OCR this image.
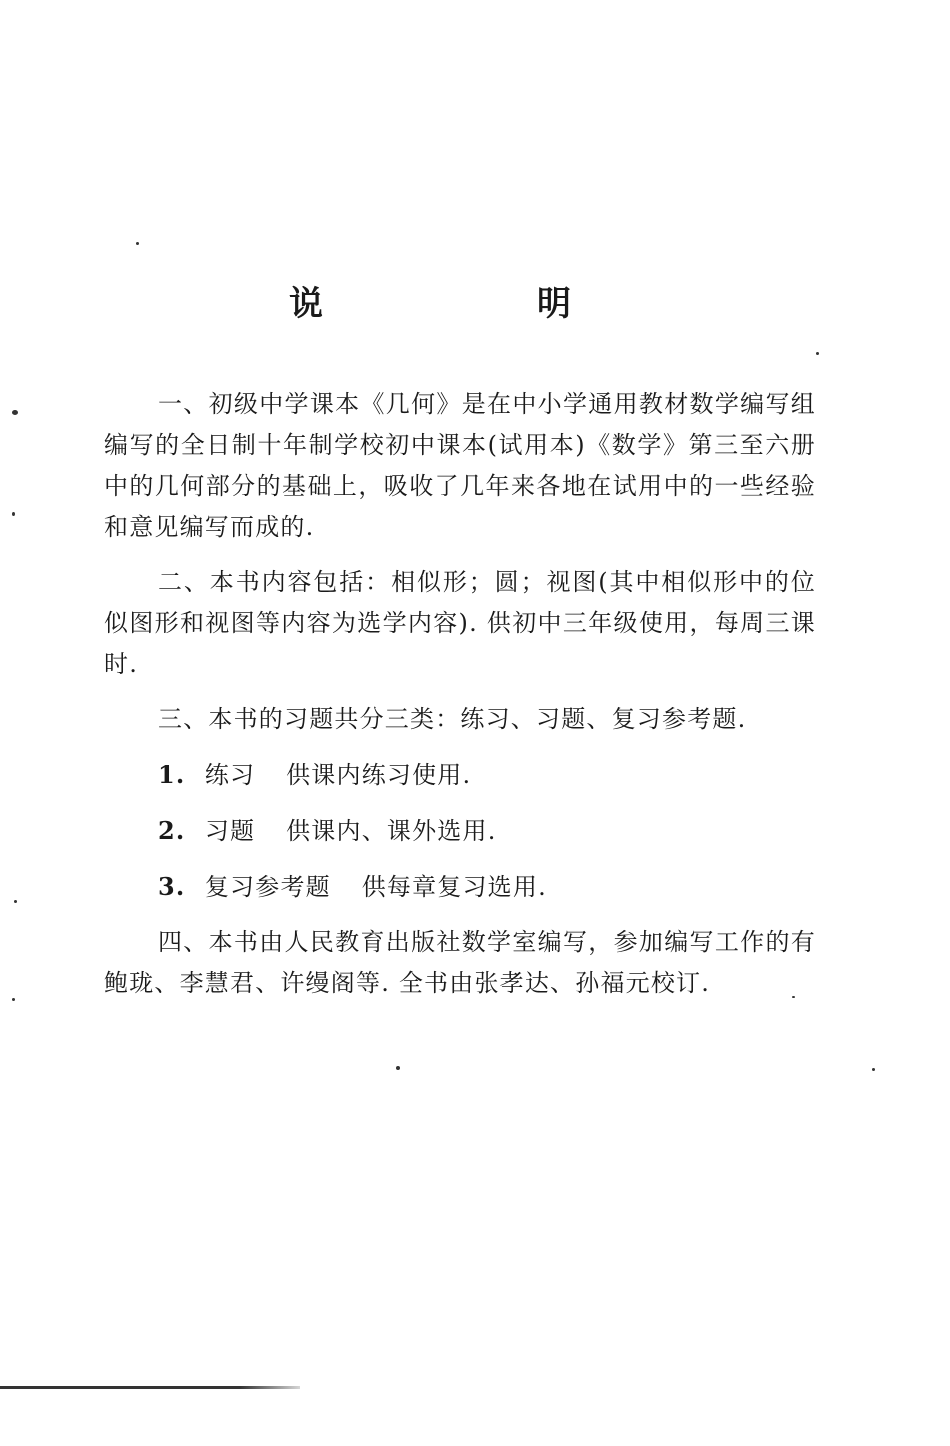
说　明

一、初级中学课本《几何》是在中小学通用教材数学编写组编写的全日制十年制学校初中课本(试用本)《数学》第三至六册中的几何部分的基础上，吸收了几年来各地在试用中的一些经验和意见编写而成的.

二、本书内容包括：相似形；圆；视图(其中相似形中的位似图形和视图等内容为选学内容). 供初中三年级使用，每周三课时.

三、本书的习题共分三类：练习、习题、复习参考题.

1. 练习 供课内练习使用.
2. 习题 供课内、课外选用.
3. 复习参考题 供每章复习选用.

四、本书由人民教育出版社数学室编写，参加编写工作的有鲍珑、李慧君、许缦阁等. 全书由张孝达、孙福元校订.
